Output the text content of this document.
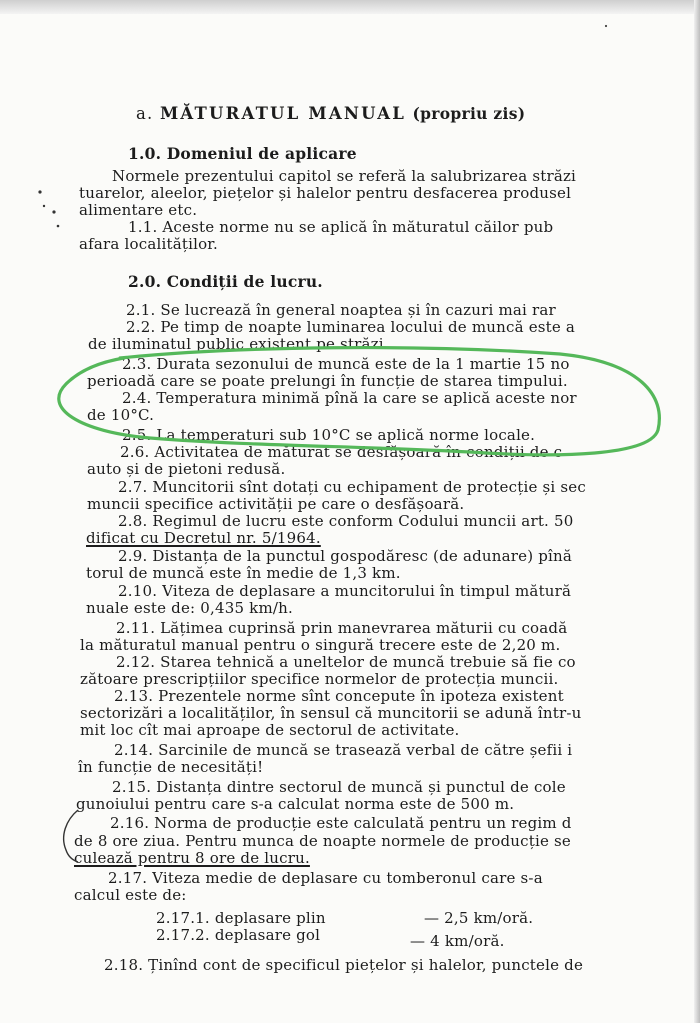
a. MĂTURATUL MANUAL (propriu zis)
1.0. Domeniul de aplicare
Normele prezentului capitol se referă la salubrizarea străzi
tuarelor, aleelor, piețelor și halelor pentru desfacerea produsel
alimentare etc.
1.1. Aceste norme nu se aplică în măturatul căilor pub
afara localităților.
2.0. Condiții de lucru.
2.1. Se lucrează în general noaptea și în cazuri mai rar
2.2. Pe timp de noapte luminarea locului de muncă este a
de iluminatul public existent pe străzi.
2.3. Durata sezonului de muncă este de la 1 martie 15 no
perioadă care se poate prelungi în funcție de starea timpului.
2.4. Temperatura minimă pînă la care se aplică aceste nor
de 10°C.
2.5. La temperaturi sub 10°C se aplică norme locale.
2.6. Activitatea de măturat se desfășoară în condiții de c
auto și de pietoni redusă.
2.7. Muncitorii sînt dotați cu echipament de protecție și sec
muncii specifice activității pe care o desfășoară.
2.8. Regimul de lucru este conform Codului muncii art. 50
dificat cu Decretul nr. 5/1964.
2.9. Distanța de la punctul gospodăresc (de adunare) pînă
torul de muncă este în medie de 1,3 km.
2.10. Viteza de deplasare a muncitorului în timpul mătură
nuale este de: 0,435 km/h.
2.11. Lățimea cuprinsă prin manevrarea măturii cu coadă
la măturatul manual pentru o singură trecere este de 2,20 m.
2.12. Starea tehnică a uneltelor de muncă trebuie să fie co
zătoare prescripțiilor specifice normelor de protecția muncii.
2.13. Prezentele norme sînt concepute în ipoteza existent
sectorizări a localităților, în sensul că muncitorii se adună într-u
mit loc cît mai aproape de sectorul de activitate.
2.14. Sarcinile de muncă se trasează verbal de către șefii i
în funcție de necesități!
2.15. Distanța dintre sectorul de muncă și punctul de cole
gunoiului pentru care s-a calculat norma este de 500 m.
2.16. Norma de producție este calculată pentru un regim d
de 8 ore ziua. Pentru munca de noapte normele de producție se
culează pentru 8 ore de lucru.
2.17. Viteza medie de deplasare cu tomberonul care s-a
calcul este de:
2.17.1. deplasare plin	— 2,5 km/oră.
2.17.2. deplasare gol	— 4 km/oră.
2.18. Ținînd cont de specificul piețelor și halelor, punctele de
